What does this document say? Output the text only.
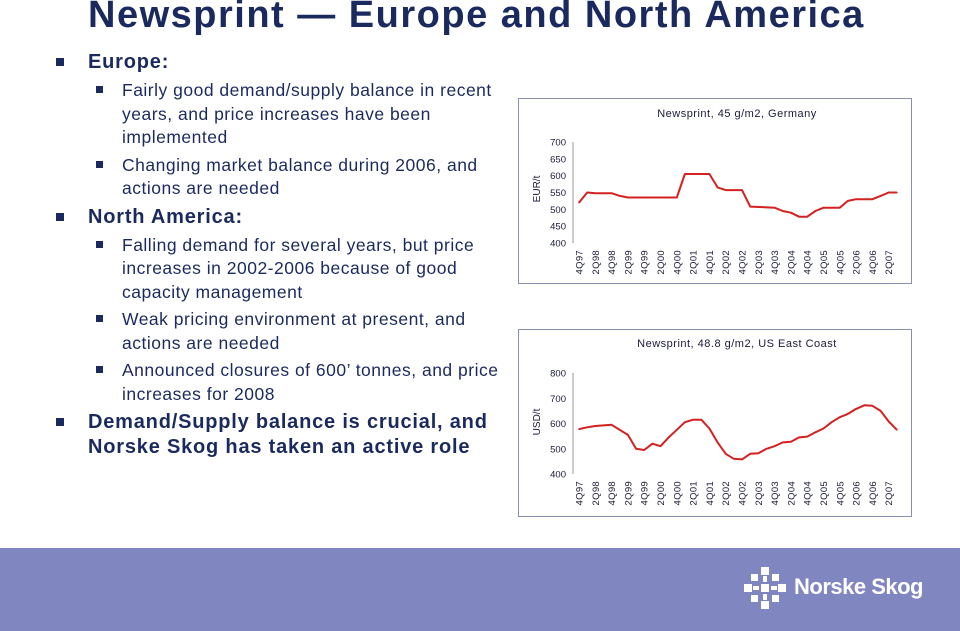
Newsprint — Europe and North America
Europe:
Fairly good demand/supply balance in recent years, and price increases have been implemented
Changing market balance during 2006, and actions are needed
North America:
Falling demand for several years, but price increases in 2002-2006 because of good capacity management
Weak pricing environment at present, and actions are needed
Announced closures of 600’ tonnes, and price increases for 2008
Demand/Supply balance is crucial, and Norske Skog has taken an active role
Newsprint, 45 g/m2, Germany
EUR/t
400
450
500
550
600
650
700
4Q97 2Q98 4Q98 2Q99 4Q99 2Q00 4Q00 2Q01 4Q01 2Q02 4Q02 2Q03 4Q03 2Q04 4Q04 2Q05 4Q05 2Q06 4Q06 2Q07
Newsprint, 48.8 g/m2, US East Coast
USD/t
400
500
600
700
800
4Q97 2Q98 4Q98 2Q99 4Q99 2Q00 4Q00 2Q01 4Q01 2Q02 4Q02 2Q03 4Q03 2Q04 4Q04 2Q05 4Q05 2Q06 4Q06 2Q07
Norske Skog
